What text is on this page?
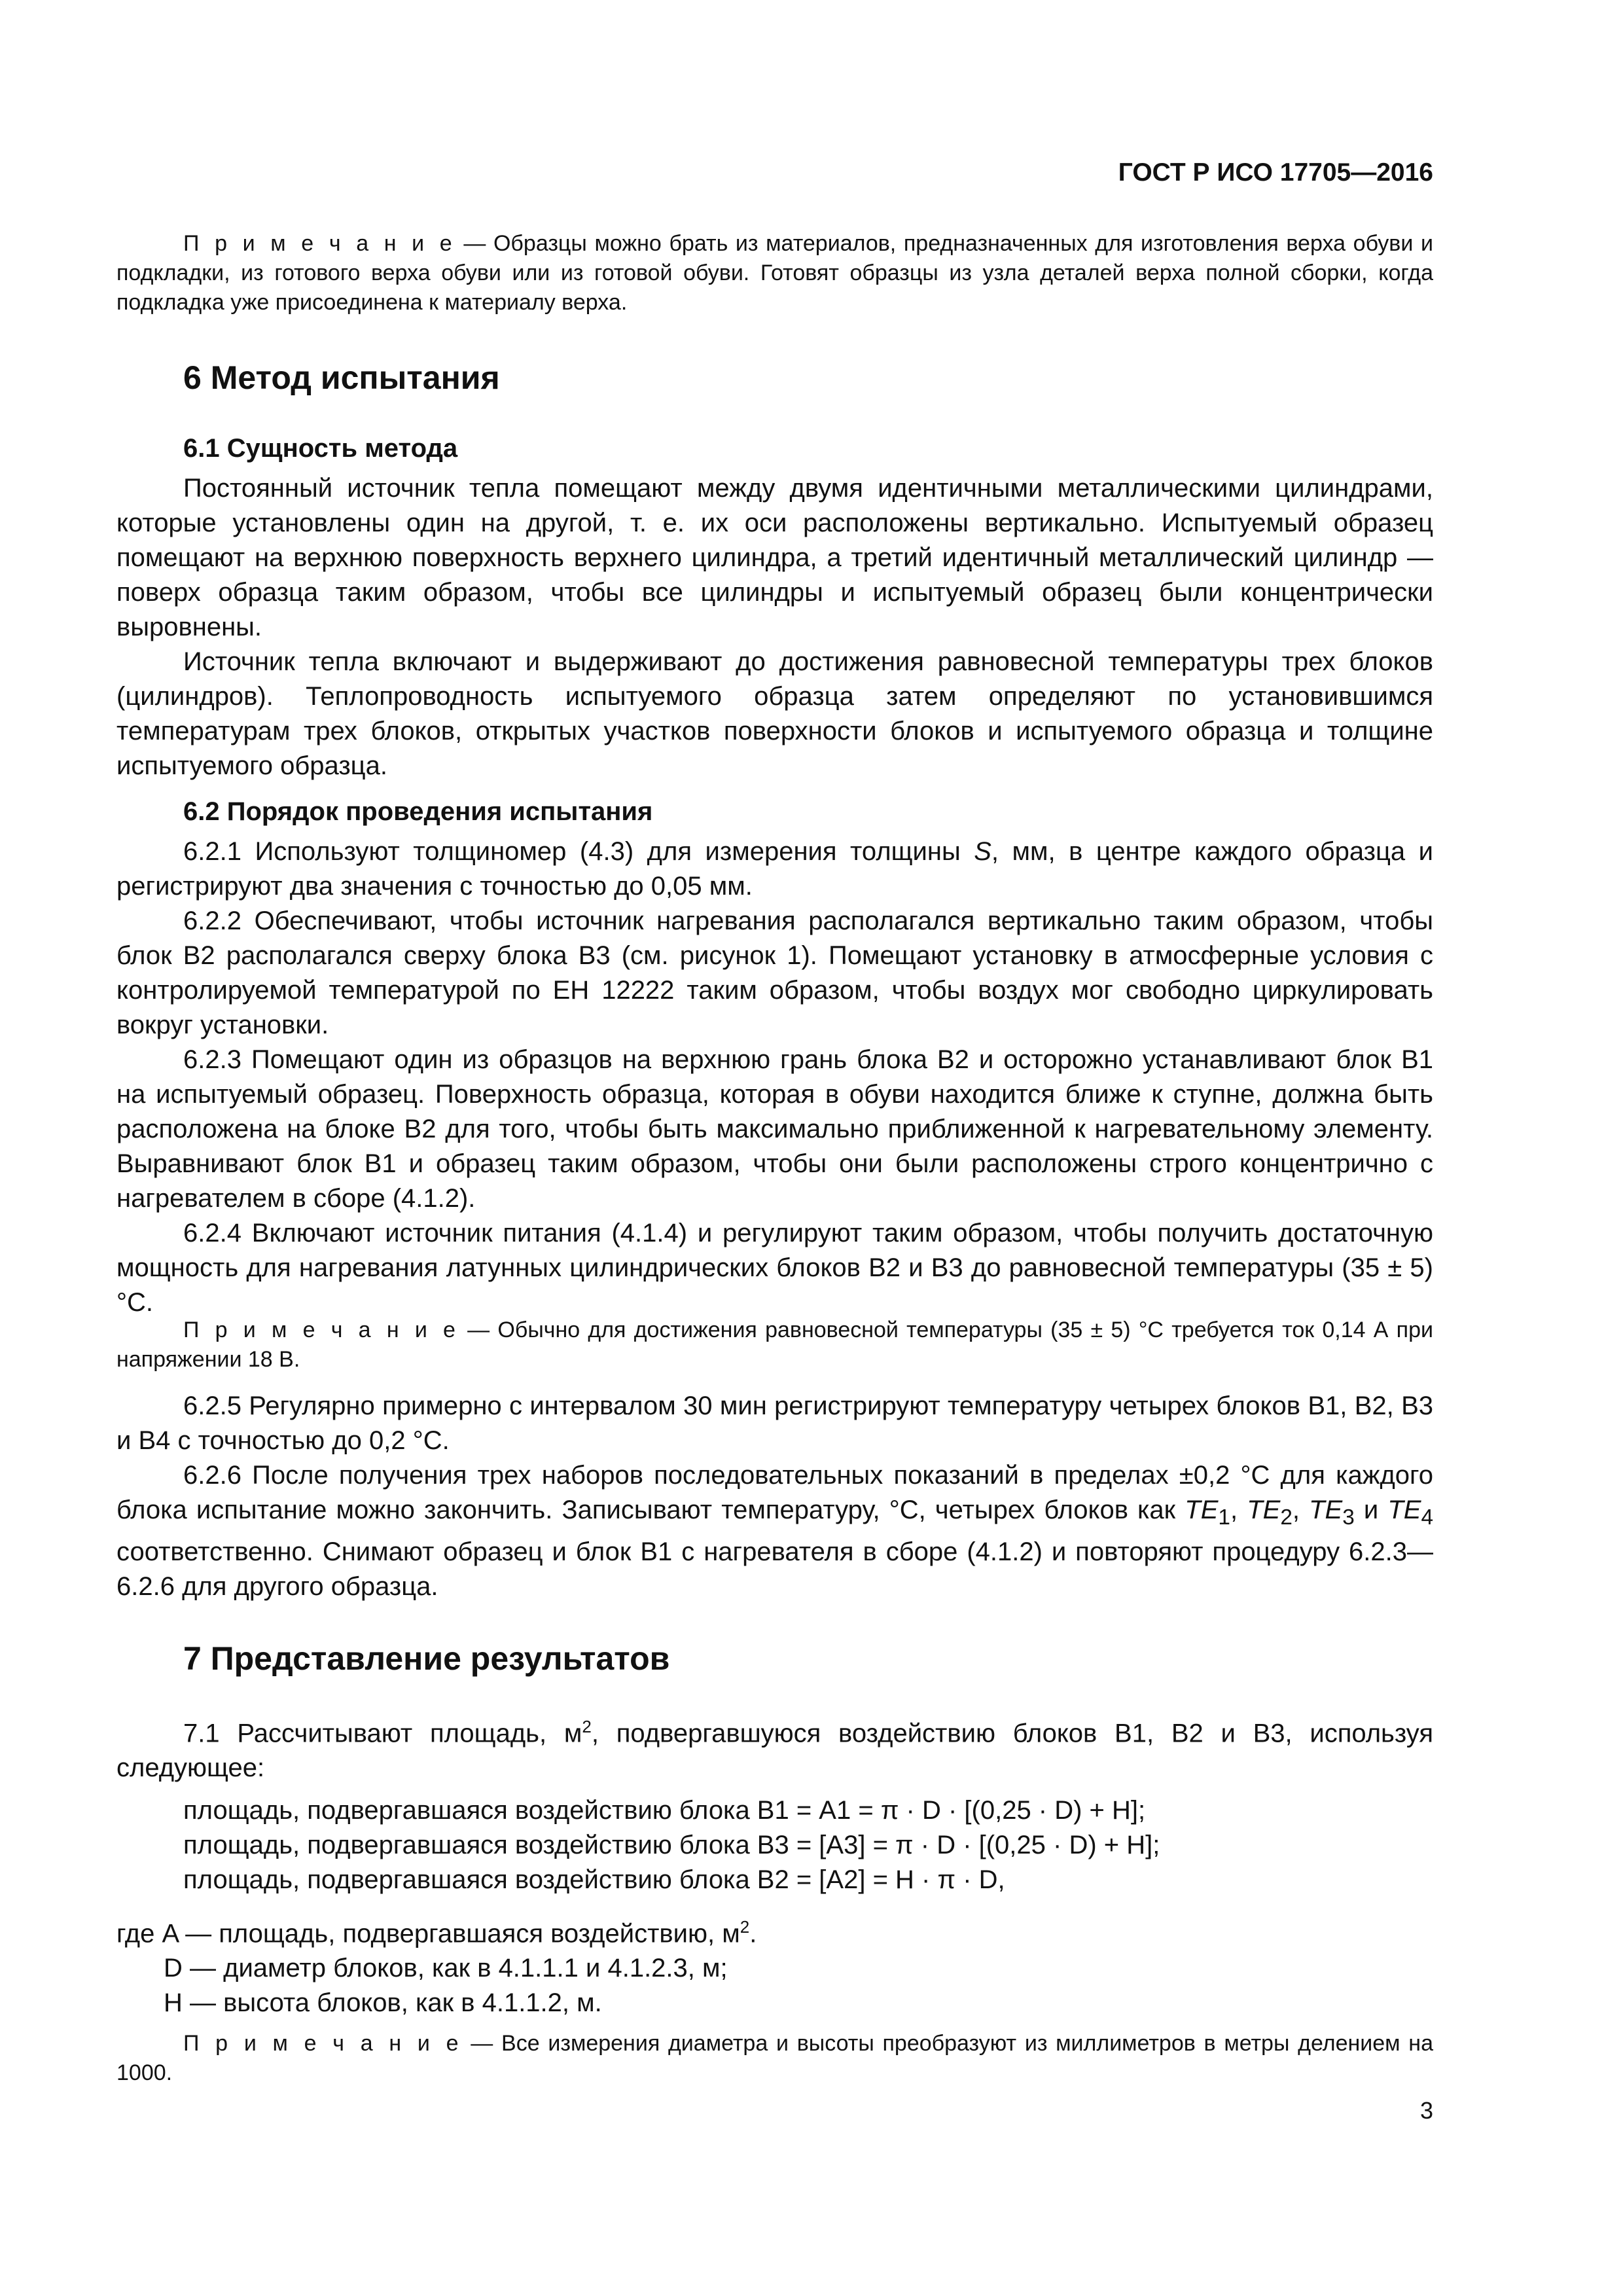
ГОСТ Р ИСО 17705—2016

П р и м е ч а н и е — Образцы можно брать из материалов, предназначенных для изготовления верха обуви и подкладки, из готового верха обуви или из готовой обуви. Готовят образцы из узла деталей верха полной сборки, когда подкладка уже присоединена к материалу верха.

6 Метод испытания
6.1 Сущность метода

Постоянный источник тепла помещают между двумя идентичными металлическими цилиндрами, которые установлены один на другой, т. е. их оси расположены вертикально. Испытуемый образец помещают на верхнюю поверхность верхнего цилиндра, а третий идентичный металлический цилиндр — поверх образца таким образом, чтобы все цилиндры и испытуемый образец были концентрически выровнены.

Источник тепла включают и выдерживают до достижения равновесной температуры трех блоков (цилиндров). Теплопроводность испытуемого образца затем определяют по установившимся температурам трех блоков, открытых участков поверхности блоков и испытуемого образца и толщине испытуемого образца.

6.2 Порядок проведения испытания

6.2.1 Используют толщиномер (4.3) для измерения толщины S, мм, в центре каждого образца и регистрируют два значения с точностью до 0,05 мм.

6.2.2 Обеспечивают, чтобы источник нагревания располагался вертикально таким образом, чтобы блок В2 располагался сверху блока В3 (см. рисунок 1). Помещают установку в атмосферные условия с контролируемой температурой по ЕН 12222 таким образом, чтобы воздух мог свободно циркулировать вокруг установки.

6.2.3 Помещают один из образцов на верхнюю грань блока В2 и осторожно устанавливают блок В1 на испытуемый образец. Поверхность образца, которая в обуви находится ближе к ступне, должна быть расположена на блоке В2 для того, чтобы быть максимально приближенной к нагревательному элементу. Выравнивают блок В1 и образец таким образом, чтобы они были расположены строго концентрично с нагревателем в сборе (4.1.2).

6.2.4 Включают источник питания (4.1.4) и регулируют таким образом, чтобы получить достаточную мощность для нагревания латунных цилиндрических блоков В2 и В3 до равновесной температуры (35 ± 5) °С.

П р и м е ч а н и е — Обычно для достижения равновесной температуры (35 ± 5) °С требуется ток 0,14 А при напряжении 18 В.

6.2.5 Регулярно примерно с интервалом 30 мин регистрируют температуру четырех блоков В1, В2, В3 и В4 с точностью до 0,2 °С.

6.2.6 После получения трех наборов последовательных показаний в пределах ±0,2 °С для каждого блока испытание можно закончить. Записывают температуру, °С, четырех блоков как $TE_1$, $TE_2$, $TE_3$ и $TE_4$ соответственно. Снимают образец и блок В1 с нагревателя в сборе (4.1.2) и повторяют процедуру 6.2.3—6.2.6 для другого образца.

7 Представление результатов

7.1 Рассчитывают площадь, $м^2$, подвергавшуюся воздействию блоков В1, В2 и В3, используя следующее:

площадь, подвергавшаяся воздействию блока В1 = A1 = π · D · [(0,25 · D) + H];

площадь, подвергавшаяся воздействию блока В3 = [A3] = π · D · [(0,25 · D) + H];

площадь, подвергавшаяся воздействию блока В2 = [A2] = H · π · D,

где A — площадь, подвергавшаяся воздействию, $м^2$.

D — диаметр блоков, как в 4.1.1.1 и 4.1.2.3, м;

H — высота блоков, как в 4.1.1.2, м.

П р и м е ч а н и е — Все измерения диаметра и высоты преобразуют из миллиметров в метры делением на 1000.

3
